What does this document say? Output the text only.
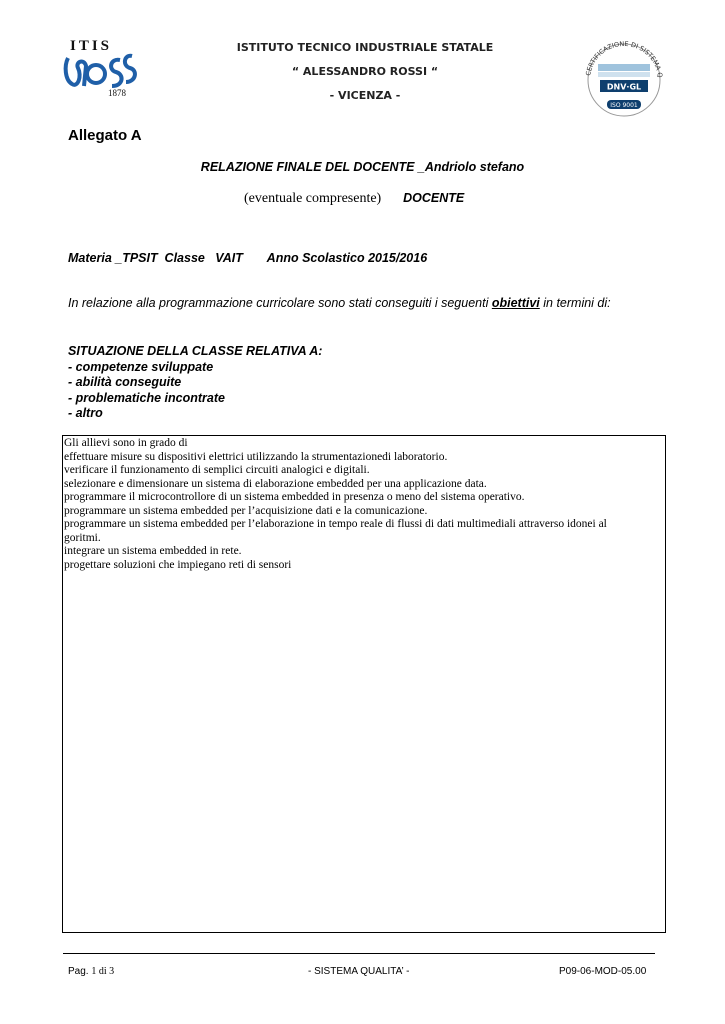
ITIS
1878
ISTITUTO TECNICO INDUSTRIALE STATALE
“ ALESSANDRO ROSSI “
- VICENZA -
CERTIFICAZIONE DI SISTEMA Q
DNV·GL
ISO 9001
Allegato A
RELAZIONE FINALE DEL DOCENTE _Andriolo stefano
(eventuale compresente) DOCENTE
Materia _TPSIT  Classe   VAIT       Anno Scolastico 2015/2016
In relazione alla programmazione curricolare sono stati conseguiti i seguenti obiettivi in termini di:
SITUAZIONE DELLA CLASSE RELATIVA A:
- competenze sviluppate
- abilità conseguite
- problematiche incontrate
- altro
Gli allievi sono in grado di
effettuare misure su dispositivi elettrici utilizzando la strumentazionedi laboratorio.
verificare il funzionamento di semplici circuiti analogici e digitali.
selezionare e dimensionare un sistema di elaborazione embedded per una applicazione data.
programmare il microcontrollore di un sistema embedded in presenza o meno del sistema operativo.
programmare un sistema embedded per l’acquisizione dati e la comunicazione.
programmare un sistema embedded per l’elaborazione in tempo reale di flussi di dati multimediali attraverso idonei al
goritmi.
integrare un sistema embedded in rete.
progettare soluzioni che impiegano reti di sensori
Pag. 1 di 3	- SISTEMA QUALITA’ -	P09-06-MOD-05.00
